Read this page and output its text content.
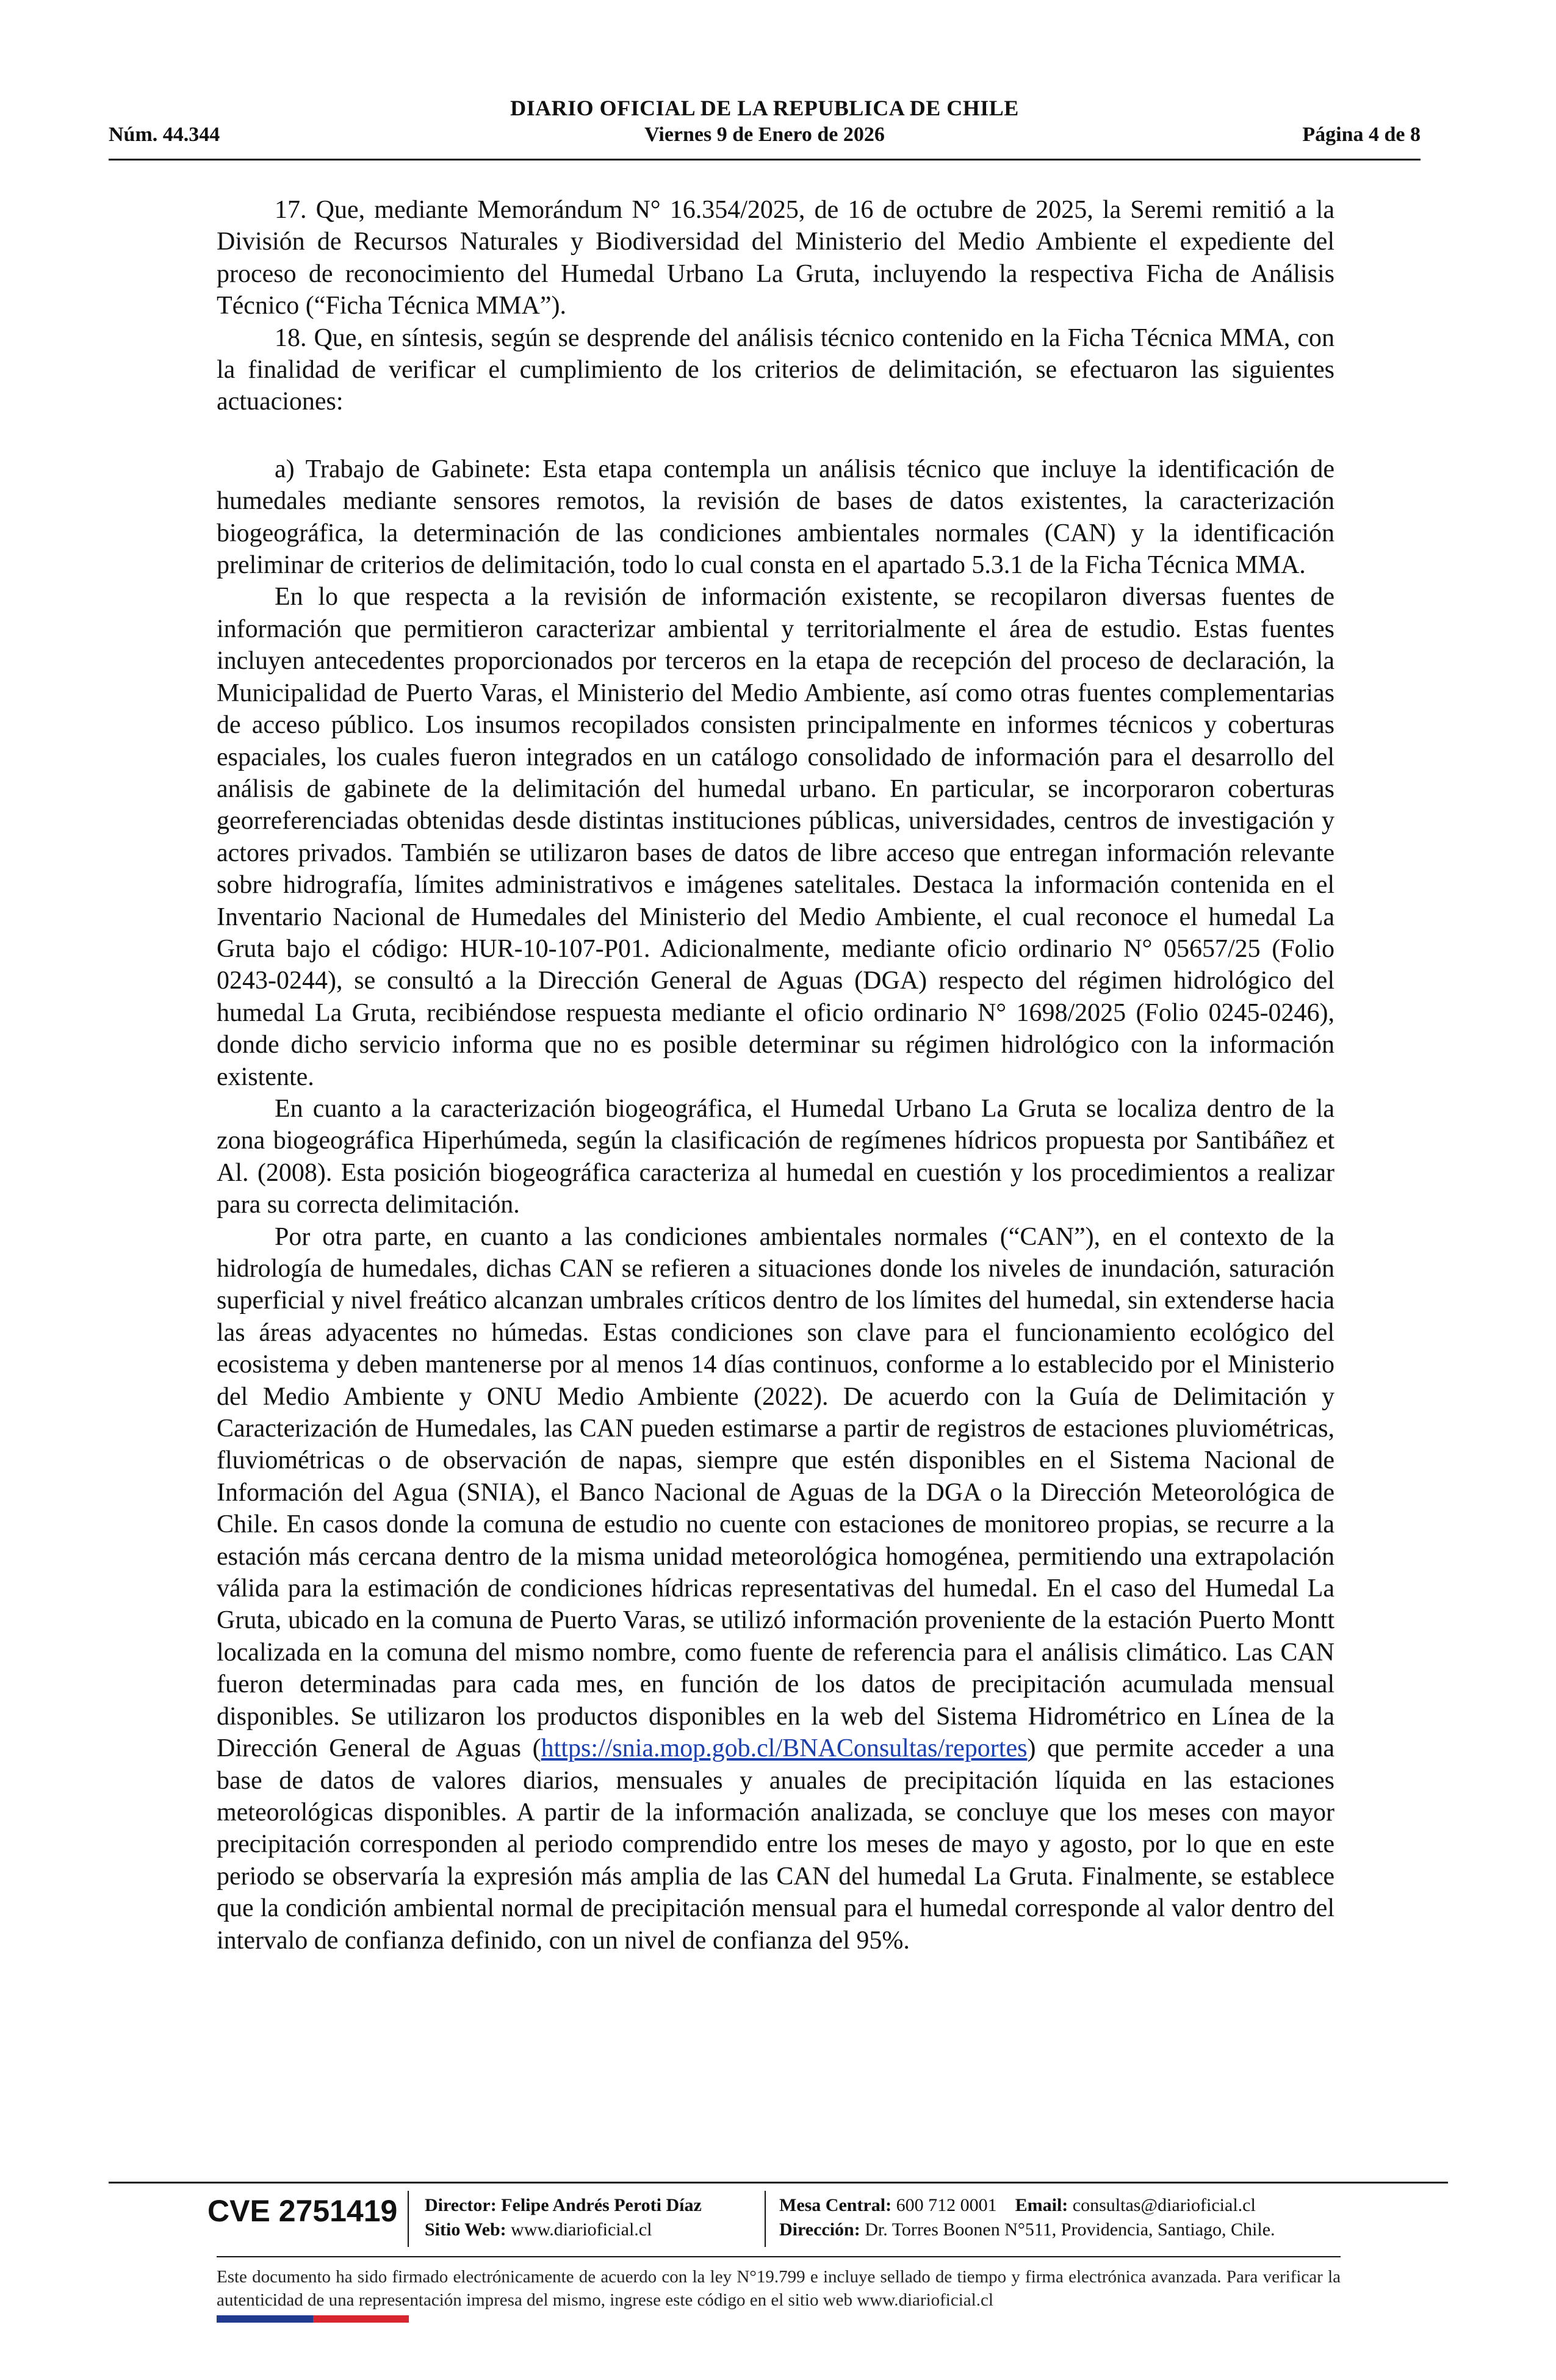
DIARIO OFICIAL DE LA REPUBLICA DE CHILE
Núm. 44.344	Viernes 9 de Enero de 2026	Página 4 de 8

17. Que, mediante Memorándum N° 16.354/2025, de 16 de octubre de 2025, la Seremi remitió a la División de Recursos Naturales y Biodiversidad del Ministerio del Medio Ambiente el expediente del proceso de reconocimiento del Humedal Urbano La Gruta, incluyendo la respectiva Ficha de Análisis Técnico (“Ficha Técnica MMA”).

18. Que, en síntesis, según se desprende del análisis técnico contenido en la Ficha Técnica MMA, con la finalidad de verificar el cumplimiento de los criterios de delimitación, se efectuaron las siguientes actuaciones:

a) Trabajo de Gabinete: Esta etapa contempla un análisis técnico que incluye la identificación de humedales mediante sensores remotos, la revisión de bases de datos existentes, la caracterización biogeográfica, la determinación de las condiciones ambientales normales (CAN) y la identificación preliminar de criterios de delimitación, todo lo cual consta en el apartado 5.3.1 de la Ficha Técnica MMA.

En lo que respecta a la revisión de información existente, se recopilaron diversas fuentes de información que permitieron caracterizar ambiental y territorialmente el área de estudio. Estas fuentes incluyen antecedentes proporcionados por terceros en la etapa de recepción del proceso de declaración, la Municipalidad de Puerto Varas, el Ministerio del Medio Ambiente, así como otras fuentes complementarias de acceso público. Los insumos recopilados consisten principalmente en informes técnicos y coberturas espaciales, los cuales fueron integrados en un catálogo consolidado de información para el desarrollo del análisis de gabinete de la delimitación del humedal urbano. En particular, se incorporaron coberturas georreferenciadas obtenidas desde distintas instituciones públicas, universidades, centros de investigación y actores privados. También se utilizaron bases de datos de libre acceso que entregan información relevante sobre hidrografía, límites administrativos e imágenes satelitales. Destaca la información contenida en el Inventario Nacional de Humedales del Ministerio del Medio Ambiente, el cual reconoce el humedal La Gruta bajo el código: HUR-10-107-P01. Adicionalmente, mediante oficio ordinario N° 05657/25 (Folio 0243-0244), se consultó a la Dirección General de Aguas (DGA) respecto del régimen hidrológico del humedal La Gruta, recibiéndose respuesta mediante el oficio ordinario N° 1698/2025 (Folio 0245-0246), donde dicho servicio informa que no es posible determinar su régimen hidrológico con la información existente.

En cuanto a la caracterización biogeográfica, el Humedal Urbano La Gruta se localiza dentro de la zona biogeográfica Hiperhúmeda, según la clasificación de regímenes hídricos propuesta por Santibáñez et Al. (2008). Esta posición biogeográfica caracteriza al humedal en cuestión y los procedimientos a realizar para su correcta delimitación.

Por otra parte, en cuanto a las condiciones ambientales normales (“CAN”), en el contexto de la hidrología de humedales, dichas CAN se refieren a situaciones donde los niveles de inundación, saturación superficial y nivel freático alcanzan umbrales críticos dentro de los límites del humedal, sin extenderse hacia las áreas adyacentes no húmedas. Estas condiciones son clave para el funcionamiento ecológico del ecosistema y deben mantenerse por al menos 14 días continuos, conforme a lo establecido por el Ministerio del Medio Ambiente y ONU Medio Ambiente (2022). De acuerdo con la Guía de Delimitación y Caracterización de Humedales, las CAN pueden estimarse a partir de registros de estaciones pluviométricas, fluviométricas o de observación de napas, siempre que estén disponibles en el Sistema Nacional de Información del Agua (SNIA), el Banco Nacional de Aguas de la DGA o la Dirección Meteorológica de Chile. En casos donde la comuna de estudio no cuente con estaciones de monitoreo propias, se recurre a la estación más cercana dentro de la misma unidad meteorológica homogénea, permitiendo una extrapolación válida para la estimación de condiciones hídricas representativas del humedal. En el caso del Humedal La Gruta, ubicado en la comuna de Puerto Varas, se utilizó información proveniente de la estación Puerto Montt localizada en la comuna del mismo nombre, como fuente de referencia para el análisis climático. Las CAN fueron determinadas para cada mes, en función de los datos de precipitación acumulada mensual disponibles. Se utilizaron los productos disponibles en la web del Sistema Hidrométrico en Línea de la Dirección General de Aguas (https://snia.mop.gob.cl/BNAConsultas/reportes) que permite acceder a una base de datos de valores diarios, mensuales y anuales de precipitación líquida en las estaciones meteorológicas disponibles. A partir de la información analizada, se concluye que los meses con mayor precipitación corresponden al periodo comprendido entre los meses de mayo y agosto, por lo que en este periodo se observaría la expresión más amplia de las CAN del humedal La Gruta. Finalmente, se establece que la condición ambiental normal de precipitación mensual para el humedal corresponde al valor dentro del intervalo de confianza definido, con un nivel de confianza del 95%.

CVE 2751419 Director: Felipe Andrés Peroti Díaz
Sitio Web: www.diarioficial.cl
Mesa Central: 600 712 0001 Email: consultas@diarioficial.cl
Dirección: Dr. Torres Boonen N°511, Providencia, Santiago, Chile.
Este documento ha sido firmado electrónicamente de acuerdo con la ley N°19.799 e incluye sellado de tiempo y firma electrónica avanzada. Para verificar la autenticidad de una representación impresa del mismo, ingrese este código en el sitio web www.diarioficial.cl
